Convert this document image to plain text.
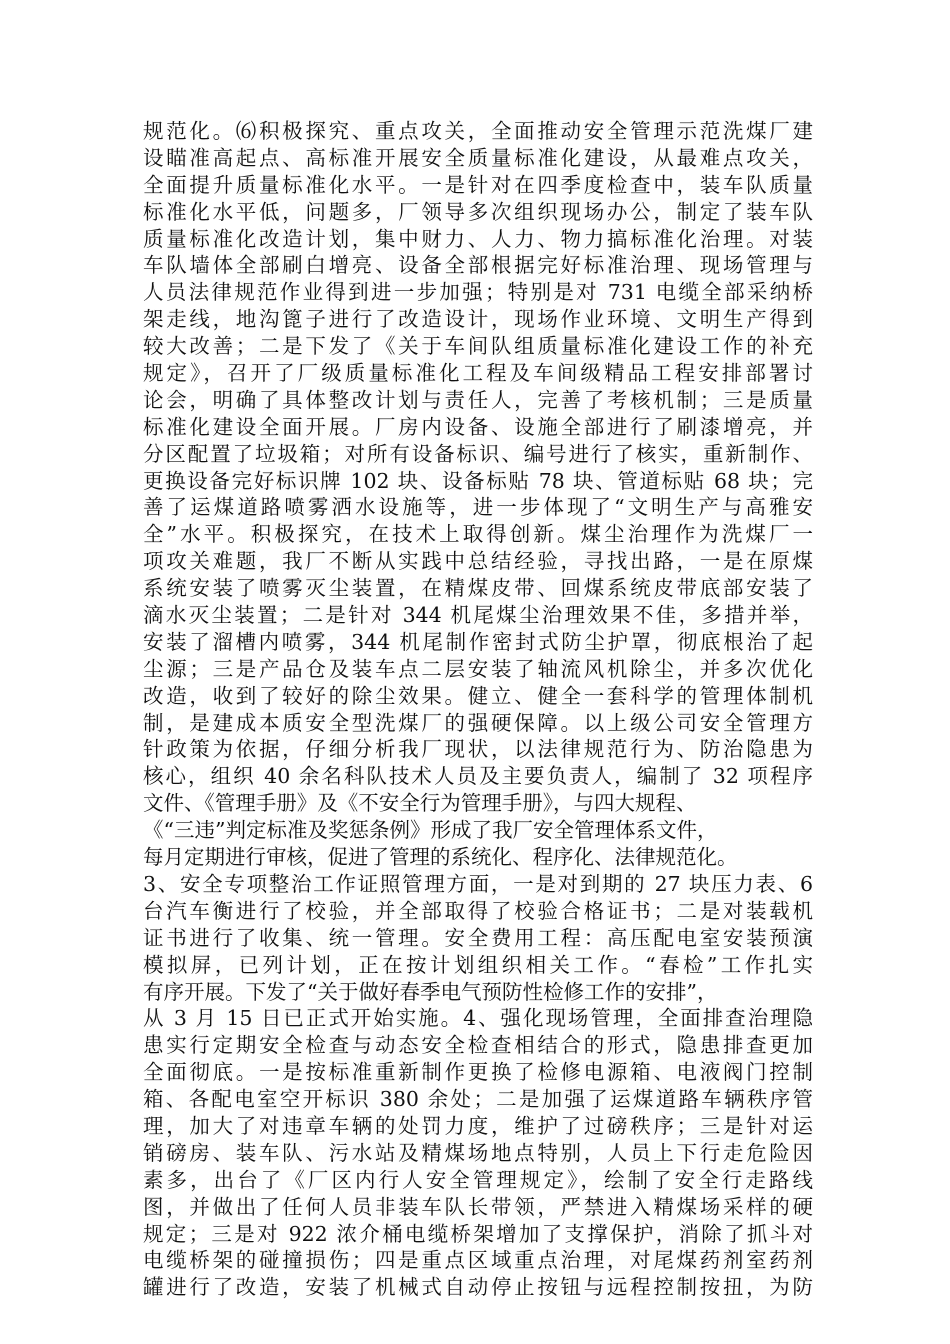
规范化。⑹积极探究、重点攻关，全面推动安全管理示范洗煤厂建
设瞄准高起点、高标准开展安全质量标准化建设，从最难点攻关，
全面提升质量标准化水平。一是针对在四季度检查中，装车队质量
标准化水平低，问题多，厂领导多次组织现场办公，制定了装车队
质量标准化改造计划，集中财力、人力、物力搞标准化治理。对装
车队墙体全部刷白增亮、设备全部根据完好标准治理、现场管理与
人员法律规范作业得到进一步加强；特别是对 731 电缆全部采纳桥
架走线，地沟篦子进行了改造设计，现场作业环境、文明生产得到
较大改善；二是下发了《关于车间队组质量标准化建设工作的补充
规定》，召开了厂级质量标准化工程及车间级精品工程安排部署讨
论会，明确了具体整改计划与责任人，完善了考核机制；三是质量
标准化建设全面开展。厂房内设备、设施全部进行了刷漆增亮，并
分区配置了垃圾箱；对所有设备标识、编号进行了核实，重新制作、
更换设备完好标识牌 102 块、设备标贴 78 块、管道标贴 68 块；完
善了运煤道路喷雾洒水设施等，进一步体现了“文明生产与高雅安
全”水平。积极探究，在技术上取得创新。煤尘治理作为洗煤厂一
项攻关难题，我厂不断从实践中总结经验，寻找出路，一是在原煤
系统安装了喷雾灭尘装置，在精煤皮带、回煤系统皮带底部安装了
滴水灭尘装置；二是针对 344 机尾煤尘治理效果不佳，多措并举，
安装了溜槽内喷雾，344 机尾制作密封式防尘护罩，彻底根治了起
尘源；三是产品仓及装车点二层安装了轴流风机除尘，并多次优化
改造，收到了较好的除尘效果。健立、健全一套科学的管理体制机
制，是建成本质安全型洗煤厂的强硬保障。以上级公司安全管理方
针政策为依据，仔细分析我厂现状，以法律规范行为、防治隐患为
核心，组织 40 余名科队技术人员及主要负责人，编制了 32 项程序
文件、《管理手册》及《不安全行为管理手册》，与四大规程、
《“三违”判定标准及奖惩条例》形成了我厂安全管理体系文件，
每月定期进行审核，促进了管理的系统化、程序化、法律规范化。
3、安全专项整治工作证照管理方面，一是对到期的 27 块压力表、6
台汽车衡进行了校验，并全部取得了校验合格证书；二是对装载机
证书进行了收集、统一管理。安全费用工程：高压配电室安装预演
模拟屏，已列计划，正在按计划组织相关工作。“春检”工作扎实
有序开展。下发了“关于做好春季电气预防性检修工作的安排”，
从 3 月 15 日已正式开始实施。4、强化现场管理，全面排查治理隐
患实行定期安全检查与动态安全检查相结合的形式，隐患排查更加
全面彻底。一是按标准重新制作更换了检修电源箱、电液阀门控制
箱、各配电室空开标识 380 余处；二是加强了运煤道路车辆秩序管
理，加大了对违章车辆的处罚力度，维护了过磅秩序；三是针对运
销磅房、装车队、污水站及精煤场地点特别，人员上下行走危险因
素多，出台了《厂区内行人安全管理规定》，绘制了安全行走路线
图，并做出了任何人员非装车队长带领，严禁进入精煤场采样的硬
规定；三是对 922 浓介桶电缆桥架增加了支撑保护，消除了抓斗对
电缆桥架的碰撞损伤；四是重点区域重点治理，对尾煤药剂室药剂
罐进行了改造，安装了机械式自动停止按钮与远程控制按扭，为防
